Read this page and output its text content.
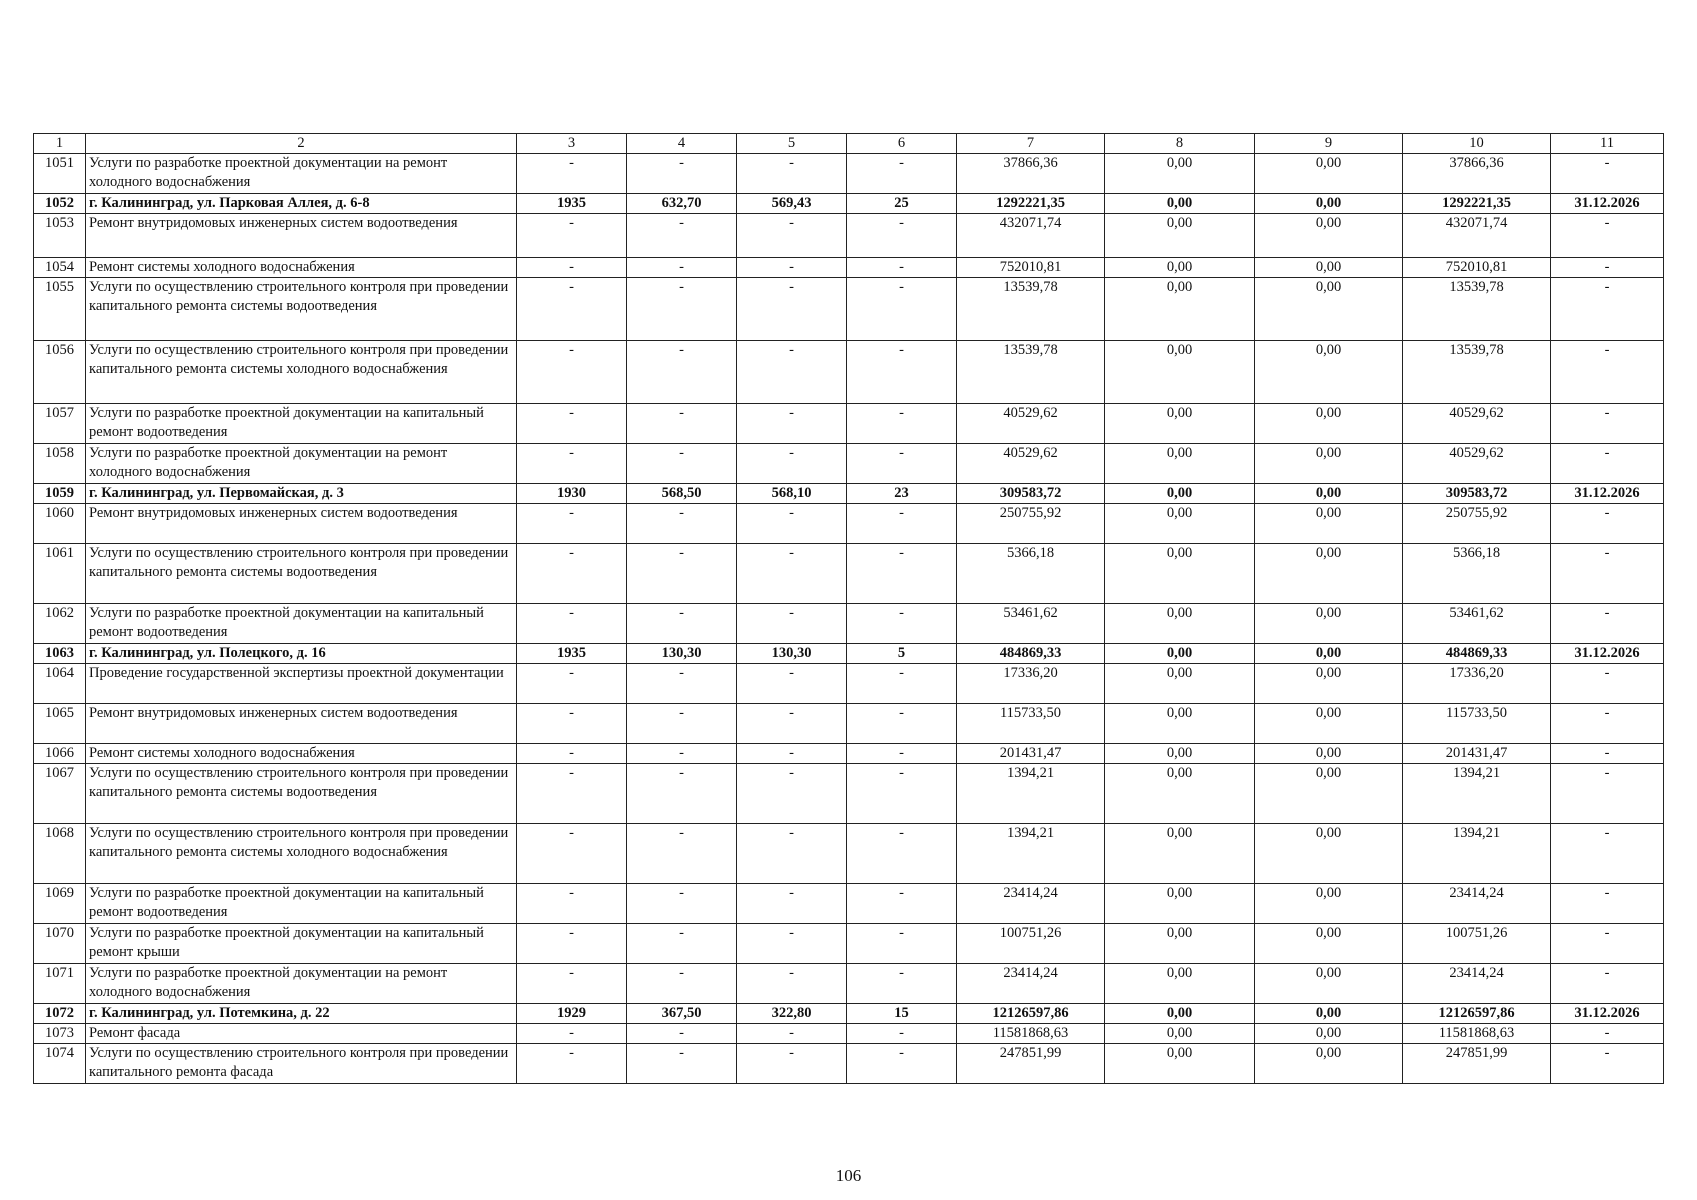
1	2	3	4	5	6	7	8	9	10	11
1051	Услуги по разработке проектной документации на ремонт холодного водоснабжения	-	-	-	-	37866,36	0,00	0,00	37866,36	-
1052	г. Калининград, ул. Парковая Аллея, д. 6-8	1935	632,70	569,43	25	1292221,35	0,00	0,00	1292221,35	31.12.2026
1053	Ремонт внутридомовых инженерных систем водоотведения	-	-	-	-	432071,74	0,00	0,00	432071,74	-
1054	Ремонт системы холодного водоснабжения	-	-	-	-	752010,81	0,00	0,00	752010,81	-
1055	Услуги по осуществлению строительного контроля при проведении капитального ремонта системы водоотведения	-	-	-	-	13539,78	0,00	0,00	13539,78	-
1056	Услуги по осуществлению строительного контроля при проведении капитального ремонта системы холодного водоснабжения	-	-	-	-	13539,78	0,00	0,00	13539,78	-
1057	Услуги по разработке проектной документации на капитальный ремонт водоотведения	-	-	-	-	40529,62	0,00	0,00	40529,62	-
1058	Услуги по разработке проектной документации на ремонт холодного водоснабжения	-	-	-	-	40529,62	0,00	0,00	40529,62	-
1059	г. Калининград, ул. Первомайская, д. 3	1930	568,50	568,10	23	309583,72	0,00	0,00	309583,72	31.12.2026
1060	Ремонт внутридомовых инженерных систем водоотведения	-	-	-	-	250755,92	0,00	0,00	250755,92	-
1061	Услуги по осуществлению строительного контроля при проведении капитального ремонта системы водоотведения	-	-	-	-	5366,18	0,00	0,00	5366,18	-
1062	Услуги по разработке проектной документации на капитальный ремонт водоотведения	-	-	-	-	53461,62	0,00	0,00	53461,62	-
1063	г. Калининград, ул. Полецкого, д. 16	1935	130,30	130,30	5	484869,33	0,00	0,00	484869,33	31.12.2026
1064	Проведение государственной экспертизы проектной документации	-	-	-	-	17336,20	0,00	0,00	17336,20	-
1065	Ремонт внутридомовых инженерных систем водоотведения	-	-	-	-	115733,50	0,00	0,00	115733,50	-
1066	Ремонт системы холодного водоснабжения	-	-	-	-	201431,47	0,00	0,00	201431,47	-
1067	Услуги по осуществлению строительного контроля при проведении капитального ремонта системы водоотведения	-	-	-	-	1394,21	0,00	0,00	1394,21	-
1068	Услуги по осуществлению строительного контроля при проведении капитального ремонта системы холодного водоснабжения	-	-	-	-	1394,21	0,00	0,00	1394,21	-
1069	Услуги по разработке проектной документации на капитальный ремонт водоотведения	-	-	-	-	23414,24	0,00	0,00	23414,24	-
1070	Услуги по разработке проектной документации на капитальный ремонт крыши	-	-	-	-	100751,26	0,00	0,00	100751,26	-
1071	Услуги по разработке проектной документации на ремонт холодного водоснабжения	-	-	-	-	23414,24	0,00	0,00	23414,24	-
1072	г. Калининград, ул. Потемкина, д. 22	1929	367,50	322,80	15	12126597,86	0,00	0,00	12126597,86	31.12.2026
1073	Ремонт фасада	-	-	-	-	11581868,63	0,00	0,00	11581868,63	-
1074	Услуги по осуществлению строительного контроля при проведении капитального ремонта фасада	-	-	-	-	247851,99	0,00	0,00	247851,99	-
106
